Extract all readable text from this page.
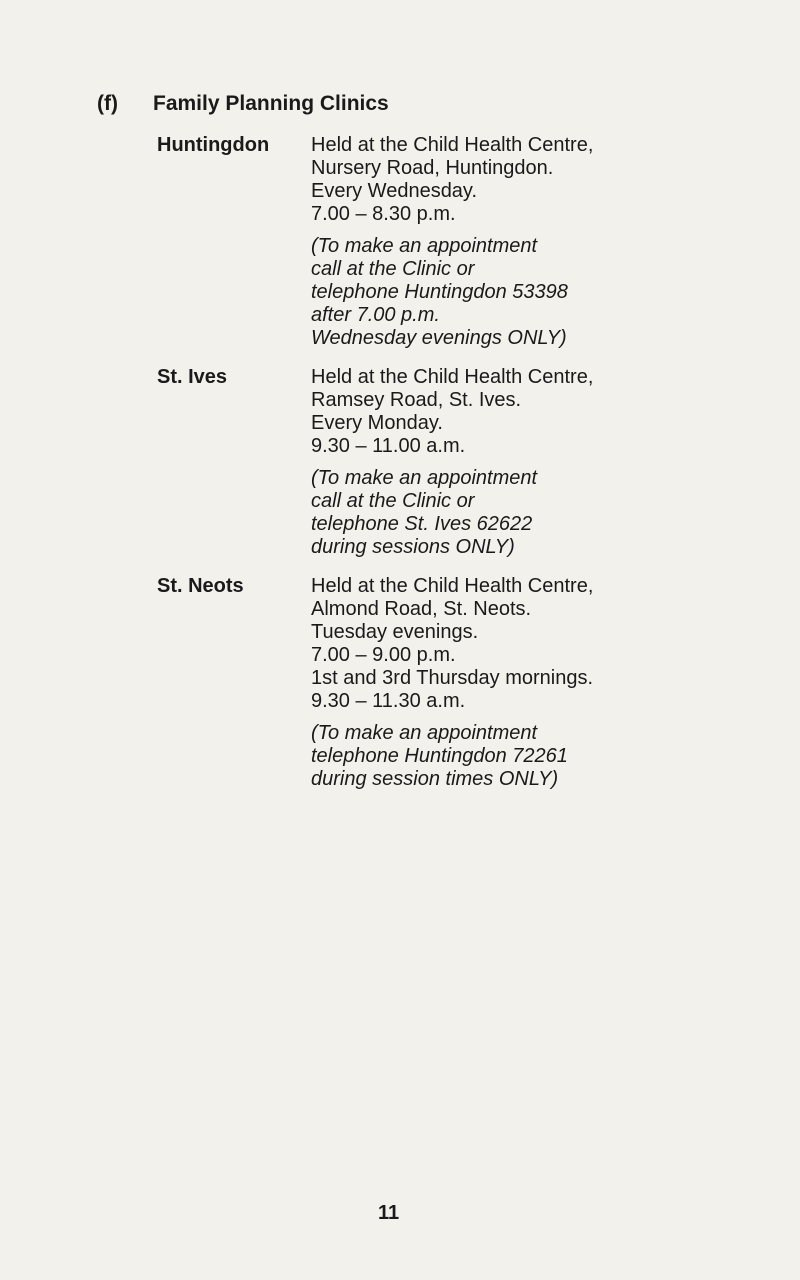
(f) Family Planning Clinics
Huntingdon Held at the Child Health Centre,
Nursery Road, Huntingdon.
Every Wednesday.
7.00 – 8.30 p.m.
(To make an appointment
call at the Clinic or
telephone Huntingdon 53398
after 7.00 p.m.
Wednesday evenings ONLY)
St. Ives	Held at the Child Health Centre,
Ramsey Road, St. Ives.
Every Monday.
9.30 – 11.00 a.m.
(To make an appointment
call at the Clinic or
telephone St. Ives 62622
during sessions ONLY)
St. Neots	Held at the Child Health Centre,
Almond Road, St. Neots.
Tuesday evenings.
7.00 – 9.00 p.m.
1st and 3rd Thursday mornings.
9.30 – 11.30 a.m.
(To make an appointment
telephone Huntingdon 72261
during session times ONLY)
11
